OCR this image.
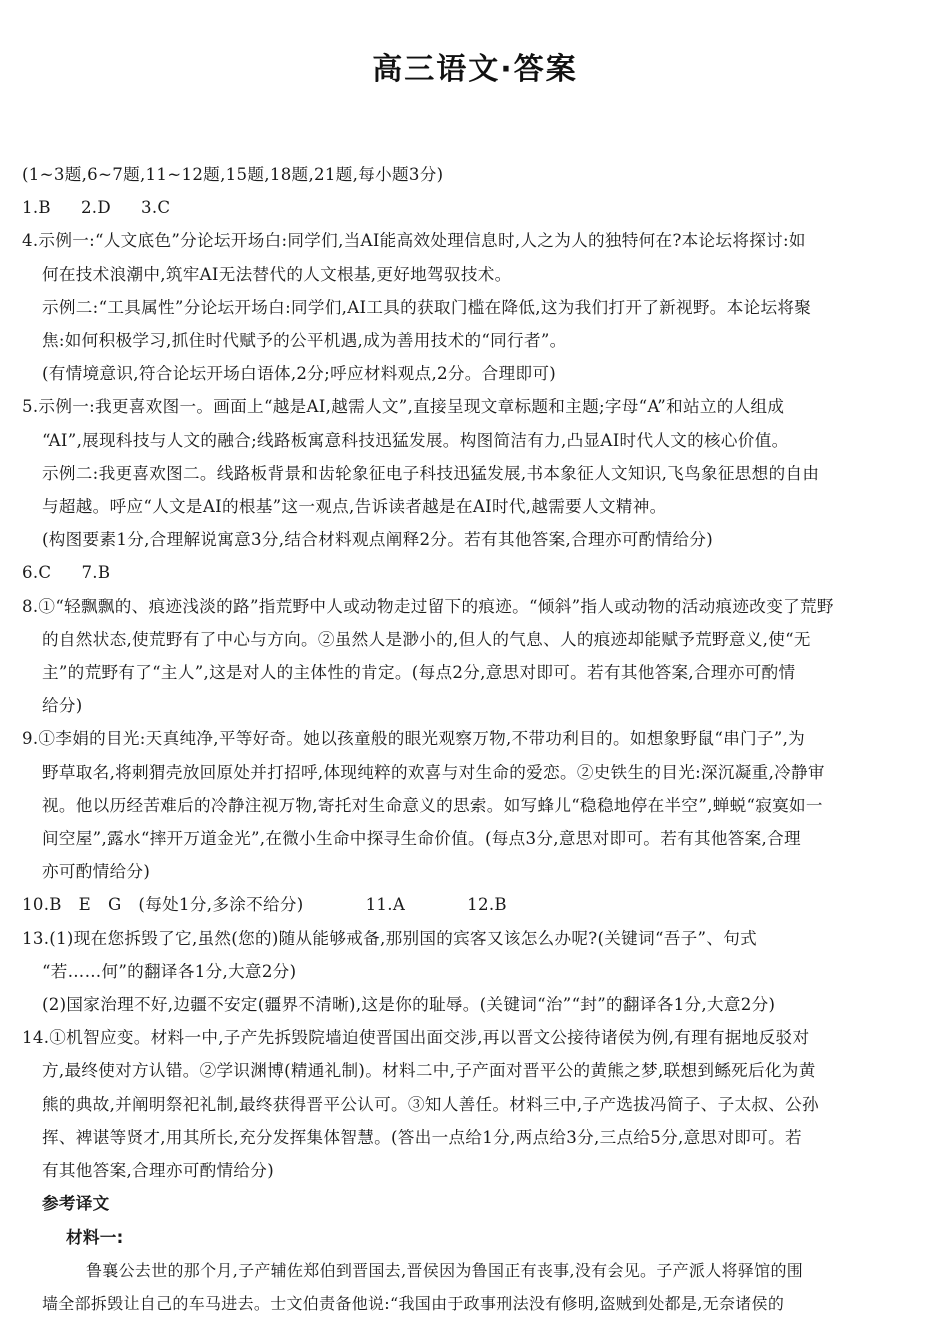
高三语文·答案

(1~3题,6~7题,11~12题,15题,18题,21题,每小题3分)

1.B 2.D 3.C

4.示例一:“人文底色”分论坛开场白:同学们,当AI能高效处理信息时,人之为人的独特何在?本论坛将探讨:如

何在技术浪潮中,筑牢AI无法替代的人文根基,更好地驾驭技术。

示例二:“工具属性”分论坛开场白:同学们,AI工具的获取门槛在降低,这为我们打开了新视野。本论坛将聚

焦:如何积极学习,抓住时代赋予的公平机遇,成为善用技术的“同行者”。

(有情境意识,符合论坛开场白语体,2分;呼应材料观点,2分。合理即可)

5.示例一:我更喜欢图一。画面上“越是AI,越需人文”,直接呈现文章标题和主题;字母“A”和站立的人组成

“AI”,展现科技与人文的融合;线路板寓意科技迅猛发展。构图简洁有力,凸显AI时代人文的核心价值。

示例二:我更喜欢图二。线路板背景和齿轮象征电子科技迅猛发展,书本象征人文知识,飞鸟象征思想的自由

与超越。呼应“人文是AI的根基”这一观点,告诉读者越是在AI时代,越需要人文精神。

(构图要素1分,合理解说寓意3分,结合材料观点阐释2分。若有其他答案,合理亦可酌情给分)

6.C 7.B

8.①“轻飘飘的、痕迹浅淡的路”指荒野中人或动物走过留下的痕迹。“倾斜”指人或动物的活动痕迹改变了荒野

的自然状态,使荒野有了中心与方向。②虽然人是渺小的,但人的气息、人的痕迹却能赋予荒野意义,使“无

主”的荒野有了“主人”,这是对人的主体性的肯定。(每点2分,意思对即可。若有其他答案,合理亦可酌情

给分)

9.①李娟的目光:天真纯净,平等好奇。她以孩童般的眼光观察万物,不带功利目的。如想象野鼠“串门子”,为

野草取名,将刺猬壳放回原处并打招呼,体现纯粹的欢喜与对生命的爱恋。②史铁生的目光:深沉凝重,冷静审

视。他以历经苦难后的冷静注视万物,寄托对生命意义的思索。如写蜂儿“稳稳地停在半空”,蝉蜕“寂寞如一

间空屋”,露水“摔开万道金光”,在微小生命中探寻生命价值。(每点3分,意思对即可。若有其他答案,合理

亦可酌情给分)

10.B　E　G　(每处1分,多涂不给分)	11.A	12.B

13.(1)现在您拆毁了它,虽然(您的)随从能够戒备,那别国的宾客又该怎么办呢?(关键词“吾子”、句式

“若……何”的翻译各1分,大意2分)

(2)国家治理不好,边疆不安定(疆界不清晰),这是你的耻辱。(关键词“治”“封”的翻译各1分,大意2分)

14.①机智应变。材料一中,子产先拆毁院墙迫使晋国出面交涉,再以晋文公接待诸侯为例,有理有据地反驳对

方,最终使对方认错。②学识渊博(精通礼制)。材料二中,子产面对晋平公的黄熊之梦,联想到鲧死后化为黄

熊的典故,并阐明祭祀礼制,最终获得晋平公认可。③知人善任。材料三中,子产选拔冯简子、子太叔、公孙

挥、裨谌等贤才,用其所长,充分发挥集体智慧。(答出一点给1分,两点给3分,三点给5分,意思对即可。若

有其他答案,合理亦可酌情给分)

参考译文

材料一:

鲁襄公去世的那个月,子产辅佐郑伯到晋国去,晋侯因为鲁国正有丧事,没有会见。子产派人将驿馆的围

墙全部拆毁让自己的车马进去。士文伯责备他说:“我国由于政事刑法没有修明,盗贼到处都是,无奈诸侯的
